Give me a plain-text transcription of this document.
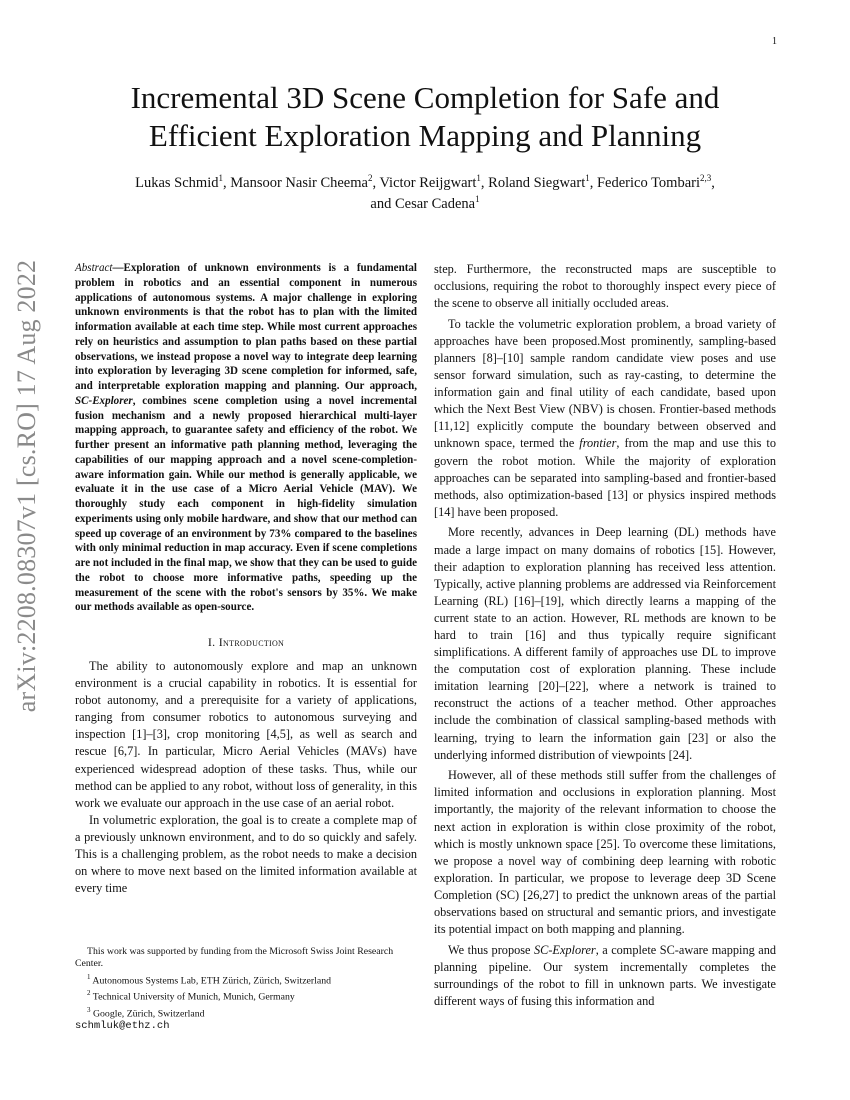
1
arXiv:2208.08307v1 [cs.RO] 17 Aug 2022
Incremental 3D Scene Completion for Safe and
Efficient Exploration Mapping and Planning
Lukas Schmid$^1$, Mansoor Nasir Cheema$^2$, Victor Reijgwart$^1$, Roland Siegwart$^1$, Federico Tombari$^{2,3}$,
and Cesar Cadena$^1$

Abstract—Exploration of unknown environments is a fundamental problem in robotics and an essential component in numerous applications of autonomous systems. A major challenge in exploring unknown environments is that the robot has to plan with the limited information available at each time step. While most current approaches rely on heuristics and assumption to plan paths based on these partial observations, we instead propose a novel way to integrate deep learning into exploration by leveraging 3D scene completion for informed, safe, and interpretable exploration mapping and planning. Our approach, SC-Explorer, combines scene completion using a novel incremental fusion mechanism and a newly proposed hierarchical multi-layer mapping approach, to guarantee safety and efficiency of the robot. We further present an informative path planning method, leveraging the capabilities of our mapping approach and a novel scene-completion-aware information gain. While our method is generally applicable, we evaluate it in the use case of a Micro Aerial Vehicle (MAV). We thoroughly study each component in high-fidelity simulation experiments using only mobile hardware, and show that our method can speed up coverage of an environment by 73% compared to the baselines with only minimal reduction in map accuracy. Even if scene completions are not included in the final map, we show that they can be used to guide the robot to choose more informative paths, speeding up the measurement of the scene with the robot's sensors by 35%. We make our methods available as open-source.

I. Introduction

The ability to autonomously explore and map an unknown environment is a crucial capability in robotics. It is essential for robot autonomy, and a prerequisite for a variety of applications, ranging from consumer robotics to autonomous surveying and inspection [1]–[3], crop monitoring [4,5], as well as search and rescue [6,7]. In particular, Micro Aerial Vehicles (MAVs) have experienced widespread adoption of these tasks. Thus, while our method can be applied to any robot, without loss of generality, in this work we evaluate our approach in the use case of an aerial robot.

In volumetric exploration, the goal is to create a complete map of a previously unknown environment, and to do so quickly and safely. This is a challenging problem, as the robot needs to make a decision on where to move next based on the limited information available at every time

step. Furthermore, the reconstructed maps are susceptible to occlusions, requiring the robot to thoroughly inspect every piece of the scene to observe all initially occluded areas.

To tackle the volumetric exploration problem, a broad variety of approaches have been proposed.Most prominently, sampling-based planners [8]–[10] sample random candidate view poses and use sensor forward simulation, such as ray-casting, to determine the information gain and final utility of each candidate, based upon which the Next Best View (NBV) is chosen. Frontier-based methods [11,12] explicitly compute the boundary between observed and unknown space, termed the frontier, from the map and use this to govern the robot motion. While the majority of exploration approaches can be separated into sampling-based and frontier-based methods, also optimization-based [13] or physics inspired methods [14] have been proposed.

More recently, advances in Deep learning (DL) methods have made a large impact on many domains of robotics [15]. However, their adaption to exploration planning has received less attention. Typically, active planning problems are addressed via Reinforcement Learning (RL) [16]–[19], which directly learns a mapping of the current state to an action. However, RL methods are known to be hard to train [16] and thus typically require significant simplifications. A different family of approaches use DL to improve the computation cost of exploration planning. These include imitation learning [20]–[22], where a network is trained to reconstruct the actions of a teacher method. Other approaches include the combination of classical sampling-based methods with learning, trying to learn the information gain [23] or also the underlying informed distribution of viewpoints [24].

However, all of these methods still suffer from the challenges of limited information and occlusions in exploration planning. Most importantly, the majority of the relevant information to choose the next action in exploration is within close proximity of the robot, which is mostly unknown space [25]. To overcome these limitations, we propose a novel way of combining deep learning with robotic exploration. In particular, we propose to leverage deep 3D Scene Completion (SC) [26,27] to predict the unknown areas of the partial observations based on structural and semantic priors, and investigate its potential impact on both mapping and planning.

We thus propose SC-Explorer, a complete SC-aware mapping and planning pipeline. Our system incrementally completes the surroundings of the robot to fill in unknown parts. We investigate different ways of fusing this information and

This work was supported by funding from the Microsoft Swiss Joint Research Center.
$^1$ Autonomous Systems Lab, ETH Zürich, Zürich, Switzerland
$^2$ Technical University of Munich, Munich, Germany
$^3$ Google, Zürich, Switzerland
schmluk@ethz.ch
